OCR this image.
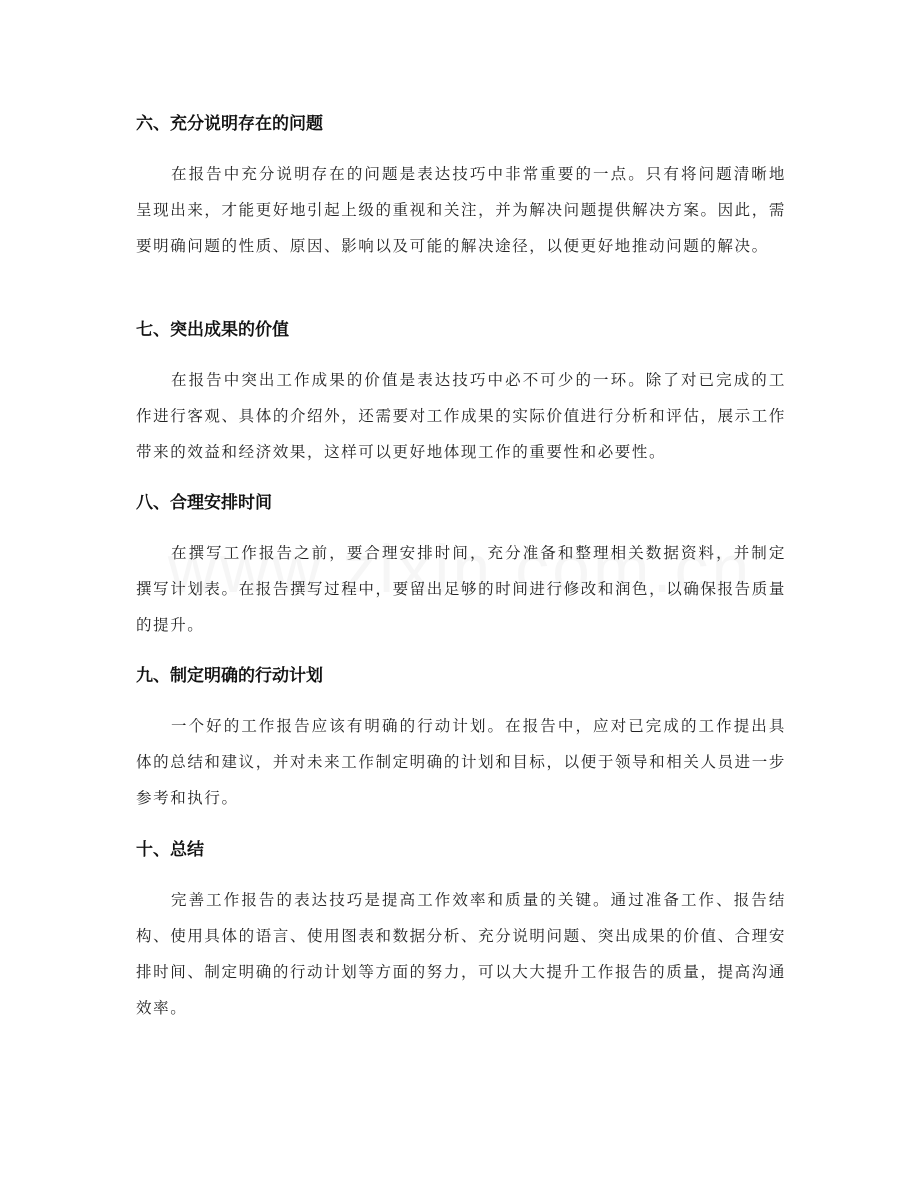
六、充分说明存在的问题

在报告中充分说明存在的问题是表达技巧中非常重要的一点。只有将问题清晰地呈现出来，才能更好地引起上级的重视和关注，并为解决问题提供解决方案。因此，需要明确问题的性质、原因、影响以及可能的解决途径，以便更好地推动问题的解决。

七、突出成果的价值

在报告中突出工作成果的价值是表达技巧中必不可少的一环。除了对已完成的工作进行客观、具体的介绍外，还需要对工作成果的实际价值进行分析和评估，展示工作带来的效益和经济效果，这样可以更好地体现工作的重要性和必要性。

八、合理安排时间

在撰写工作报告之前，要合理安排时间，充分准备和整理相关数据资料，并制定撰写计划表。在报告撰写过程中，要留出足够的时间进行修改和润色，以确保报告质量的提升。

九、制定明确的行动计划

一个好的工作报告应该有明确的行动计划。在报告中，应对已完成的工作提出具体的总结和建议，并对未来工作制定明确的计划和目标，以便于领导和相关人员进一步参考和执行。

十、总结

完善工作报告的表达技巧是提高工作效率和质量的关键。通过准备工作、报告结构、使用具体的语言、使用图表和数据分析、充分说明问题、突出成果的价值、合理安排时间、制定明确的行动计划等方面的努力，可以大大提升工作报告的质量，提高沟通效率。
